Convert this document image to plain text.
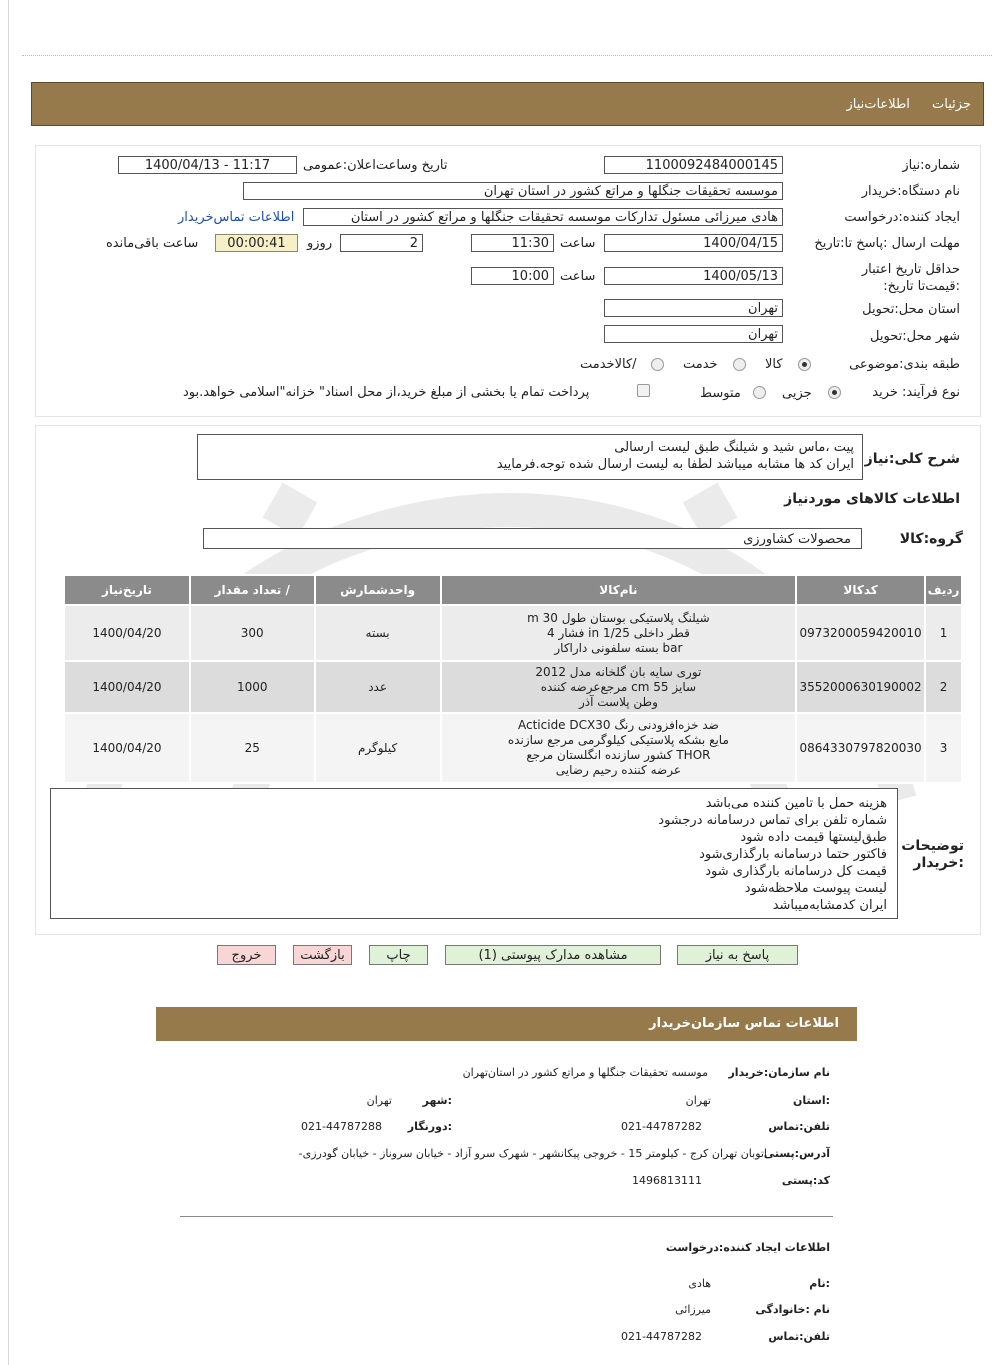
جزئیات اطلاعات‌نیاز
شماره:نیاز
1100092484000145
تاریخ وساعت‌اعلان:عمومی
1400/04/13 - 11:17
نام دستگاه:خریدار
موسسه تحقیقات جنگلها و مراتع کشور در استان تهران
ایجاد کننده:درخواست
هادی میرزائی مسئول تدارکات موسسه تحقیقات جنگلها و مراتع کشور در استان
اطلاعات تماس‌خریدار
مهلت ارسال :پاسخ تا:تاریخ
1400/04/15
ساعت
11:30
2
روزو
00:00:41
ساعت باقی‌مانده
حداقل تاریخ اعتبار :قیمت‌تا تاریخ:
1400/05/13
ساعت
10:00
استان محل:تحویل
تهران
شهر محل:تحویل
تهران
طبقه بندی:موضوعی
کالا
خدمت
/کالاخدمت
نوع فرآیند: خرید
جزیی
متوسط
پرداخت تمام یا بخشی از مبلغ خرید،از محل اسناد" خزانه"اسلامی خواهد.بود
شرح کلی:نیاز
پیت ،ماس شید و شیلنگ طبق لیست ارسالی
ایران کد ها مشابه میباشد لطفا به لیست ارسال شده توجه.فرمایید
اطلاعات کالاهای موردنیاز
گروه:کالا
محصولات کشاورزی
ردیف	کدکالا	نام‌کالا	واحدشمارش	/ تعداد مقدار	تاریخ‌نیاز
1	0973200059420010	شیلنگ پلاستیکی بوستان طول 30 m
قطر داخلی 1/25 in فشار 4
bar بسته سلفونی داراکار	بسته	300	1400/04/20
2	3552000630190002	توری سایه بان گلخانه مدل 2012
سایز 55 cm مرجع‌عرضه کننده
وطن پلاست آذر	عدد	1000	1400/04/20
3	0864330797820030	ضد خزه‌افزودنی رنگ Acticide DCX30
مایع بشکه پلاستیکی کیلوگرمی مرجع سازنده
THOR کشور سازنده انگلستان مرجع
عرضه کننده رحیم رضایی	کیلوگرم	25	1400/04/20
هزینه حمل با تامین کننده می‌باشد
شماره تلفن برای تماس درسامانه درجشود
طبق‌لیستها قیمت داده شود
فاکتور حتما درسامانه بارگذاری‌شود
قیمت کل درسامانه بارگذاری شود
لیست پیوست ملاحظه‌شود
ایران کدمشابه‌میباشد
توضیحات :خریدار
پاسخ به نیاز
مشاهده مدارک پیوستی (1)
چاپ
بازگشت
خروج
اطلاعات تماس سازمان‌خریدار
نام سازمان:خریدار
موسسه تحقیقات جنگلها و مراتع کشور در استان‌تهران
:استان
تهران
:شهر
تهران
تلفن:تماس
021-44787282
:دورنگار
021-44787288
آدرس:پستی
اتوبان تهران کرج - کیلومتر 15 - خروجی پیکانشهر - شهرک سرو آزاد - خیابان سروناز - خیابان گودرزی-
کد:پستی
1496813111
اطلاعات ایجاد کننده:درخواست
:نام
هادی
نام :خانوادگی
میرزائی
تلفن:تماس
021-44787282
